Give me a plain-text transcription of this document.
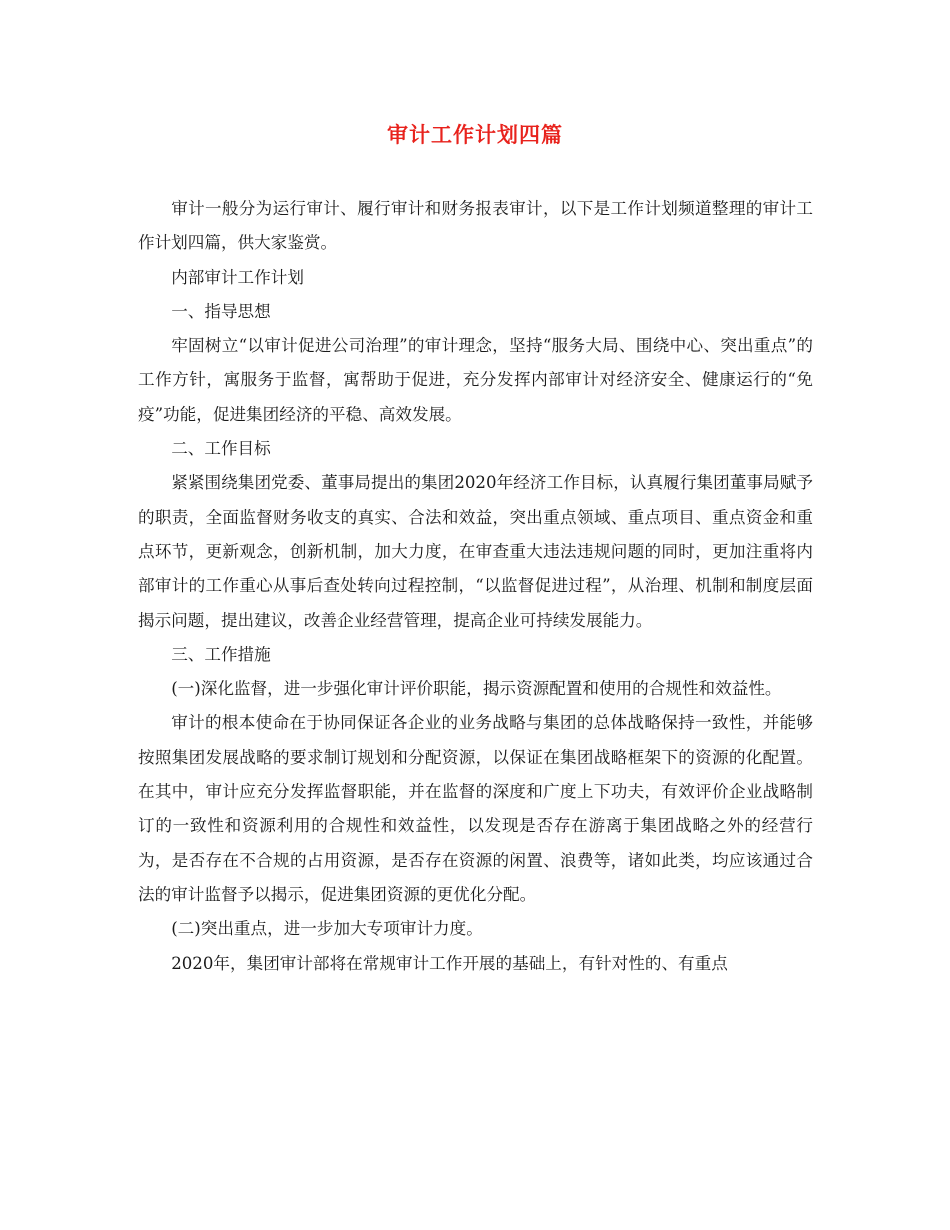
审计工作计划四篇

审计一般分为运行审计、履行审计和财务报表审计，以下是工作计划频道整理的审计工作计划四篇，供大家鉴赏。

内部审计工作计划

一、指导思想

牢固树立“以审计促进公司治理”的审计理念，坚持“服务大局、围绕中心、突出重点”的工作方针，寓服务于监督，寓帮助于促进，充分发挥内部审计对经济安全、健康运行的“免疫”功能，促进集团经济的平稳、高效发展。

二、工作目标

紧紧围绕集团党委、董事局提出的集团2020年经济工作目标，认真履行集团董事局赋予的职责，全面监督财务收支的真实、合法和效益，突出重点领域、重点项目、重点资金和重点环节，更新观念，创新机制，加大力度，在审查重大违法违规问题的同时，更加注重将内部审计的工作重心从事后查处转向过程控制，“以监督促进过程”，从治理、机制和制度层面揭示问题，提出建议，改善企业经营管理，提高企业可持续发展能力。

三、工作措施

(一)深化监督，进一步强化审计评价职能，揭示资源配置和使用的合规性和效益性。

审计的根本使命在于协同保证各企业的业务战略与集团的总体战略保持一致性，并能够按照集团发展战略的要求制订规划和分配资源，以保证在集团战略框架下的资源的化配置。在其中，审计应充分发挥监督职能，并在监督的深度和广度上下功夫，有效评价企业战略制订的一致性和资源利用的合规性和效益性，以发现是否存在游离于集团战略之外的经营行为，是否存在不合规的占用资源，是否存在资源的闲置、浪费等，诸如此类，均应该通过合法的审计监督予以揭示，促进集团资源的更优化分配。

(二)突出重点，进一步加大专项审计力度。

2020年，集团审计部将在常规审计工作开展的基础上，有针对性的、有重点
